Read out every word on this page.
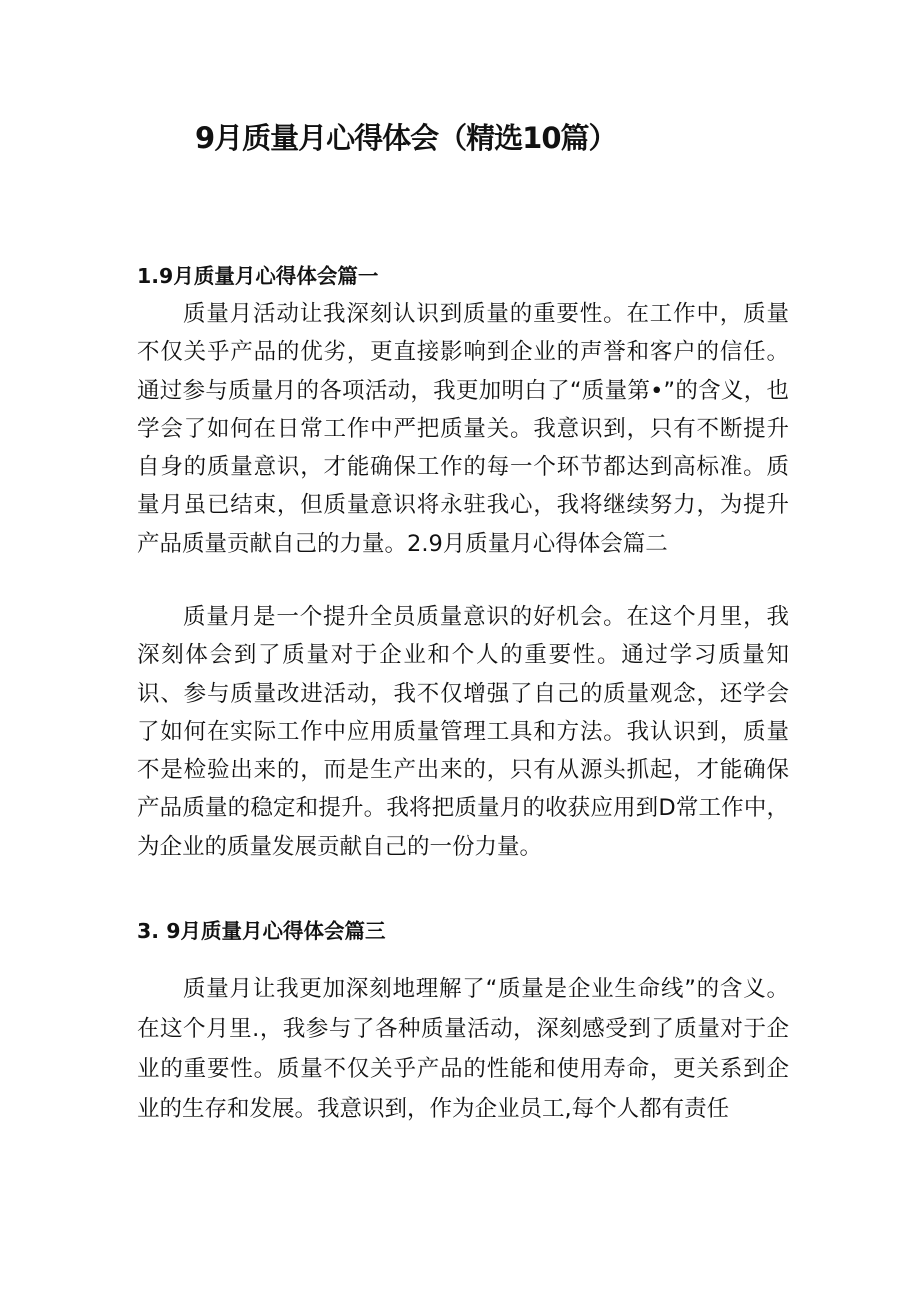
9月质量月心得体会（精选10篇）
1.9月质量月心得体会篇一

质量月活动让我深刻认识到质量的重要性。在工作中，质量不仅关乎产品的优劣，更直接影响到企业的声誉和客户的信任。通过参与质量月的各项活动，我更加明白了“质量第•”的含义，也学会了如何在日常工作中严把质量关。我意识到，只有不断提升自身的质量意识，才能确保工作的每一个环节都达到高标准。质量月虽已结束，但质量意识将永驻我心，我将继续努力，为提升产品质量贡献自己的力量。2.9月质量月心得体会篇二

质量月是一个提升全员质量意识的好机会。在这个月里，我深刻体会到了质量对于企业和个人的重要性。通过学习质量知识、参与质量改进活动，我不仅增强了自己的质量观念，还学会了如何在实际工作中应用质量管理工具和方法。我认识到，质量不是检验出来的，而是生产出来的，只有从源头抓起，才能确保产品质量的稳定和提升。我将把质量月的收获应用到D常工作中，为企业的质量发展贡献自己的一份力量。

3. 9月质量月心得体会篇三

质量月让我更加深刻地理解了“质量是企业生命线”的含义。在这个月里.，我参与了各种质量活动，深刻感受到了质量对于企业的重要性。质量不仅关乎产品的性能和使用寿命，更关系到企业的生存和发展。我意识到，作为企业员工,每个人都有责任
